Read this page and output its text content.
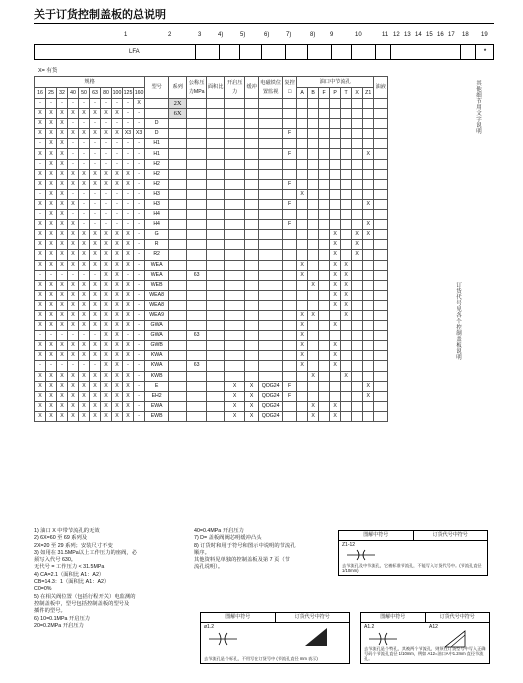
关于订货控制盖板的总说明
1	2	3	4)	5)	6)	7)	8) 9	10	11 12 13 14 15 16 17 18 19
LFA	*
X= 有货
规格										型号	系列	公称压力MPa	面积比	开启压力	缓冲	电磁铁位置监视	复控□	油口中节流孔							油液
16	25	32	40	50	63	80	100	125	160									A	B	F	P	T	X	Z1	
-	-	-	-	-	-	-	-	-	X		2X														
X	X	X	X	X	X	X	X	-	-		6X														
X	X	X	-	-	-	-	-	-	-	D															
X	X	X	X	X	X	X	X	X3	X3	D							F								
-	X	X	-	-	-	-	-	-	-	H1															
X	X	X	-	-	-	-	-	-	-	H1							F							X	
-	X	X	-	-	-	-	-	-	-	H2															
X	X	X	X	X	X	X	X	X	-	H2															
X	X	X	X	X	X	X	X	X	-	H2							F								
-	X	X	-	-	-	-	-	-	-	H3								X							
X	X	X	X	-	-	-	-	-	-	H3							F							X	
-	X	X	-	-	-	-	-	-	-	H4															
X	X	X	X	-	-	-	-	-	-	H4							F							X	
X	X	X	X	X	X	X	X	X	-	G											X		X	X	
X	X	X	X	X	X	X	X	X	-	R											X		X		
X	X	X	X	X	X	X	X	X	-	R2											X		X		
X	X	X	X	X	X	X	X	X	-	WEA								X			X	X			
-	-	-	-	-	-	X	X	-	-	WEA		63						X			X	X			
X	X	X	X	X	X	X	X	X	-	WEB									X		X	X			
X	X	X	X	X	X	X	X	X	-	WEA8											X	X			
X	X	X	X	X	X	X	X	X	-	WEA8											X	X			
X	X	X	X	X	X	X	X	X	-	WEA9								X	X			X			
X	X	X	X	X	X	X	X	X	-	GWA								X			X				
-	-	-	-	-	-	X	X	-	-	GWA		63						X							
X	X	X	X	X	X	X	X	X	-	GWB								X			X				
X	X	X	X	X	X	X	X	X	-	KWA								X			X				
-	-	-	-	-	-	X	X	-	-	KWA		63						X			X				
X	X	X	X	X	X	X	X	X	-	KWB									X			X			
X	X	X	X	X	X	X	X	X	-	E				X	X	QOG24	F							X	
X	X	X	X	X	X	X	X	X	-	EH2				X	X	QOG24	F							X	
X	X	X	X	X	X	X	X	X	-	EWA				X	X	QOG24			X		X				
X	X	X	X	X	X	X	X	X	-	EWB				X	X	QOG24			X		X				
其他细节用文字说明
订货代号见各个控制盖板说明
1) 油口 X 中带节流孔的无效
2) 6X=60 至 69 系列及
2X=20 至 29 系列；安装尺寸不变
3) 如用在 31.5MPa以上工作压力的座阀，必
须写入代号 630。
无代号 = 工作压力 < 31.5MPa
4) CA=2.1（面积比 A1：A2）
CB=14.3：1（面积比 A1：A2）
C0=0%
5) 在相关阀位置（包括行程开关）电监测的
控制盖板中，型号包括控制盖板的型号及
插件的型号。
6) 10=0.1MPa 开启压力
20=0.2MPa 开启压力
40=0.4MPa 开启压力
7) D= 盖板阀阀芯明缓冲凸头
8) 订货时和用于符号和图示中说明的节流孔
顺序。
其他资料见单独的控制盖板及第 7 页（节
流孔说明）。
图解中符号	订货代号中符号
Z1-12
去节流孔及中节流孔，它被标准节流孔，不能写入订货代号中。(节流孔直径1/10mm)
图解中符号	订货代号中符号
ø1.2
去节流孔是个标孔，不用写在订货号中 (节流孔直径 mm 表示)
图解中符号	订货代号中符号
A1.2	A12
去节流孔是个特孔，其被两个节流孔，则须在订货型号中写入正确号码个节流孔直径 1/10mm，例如 A12=油口A中1.2mm 直径节流孔。
